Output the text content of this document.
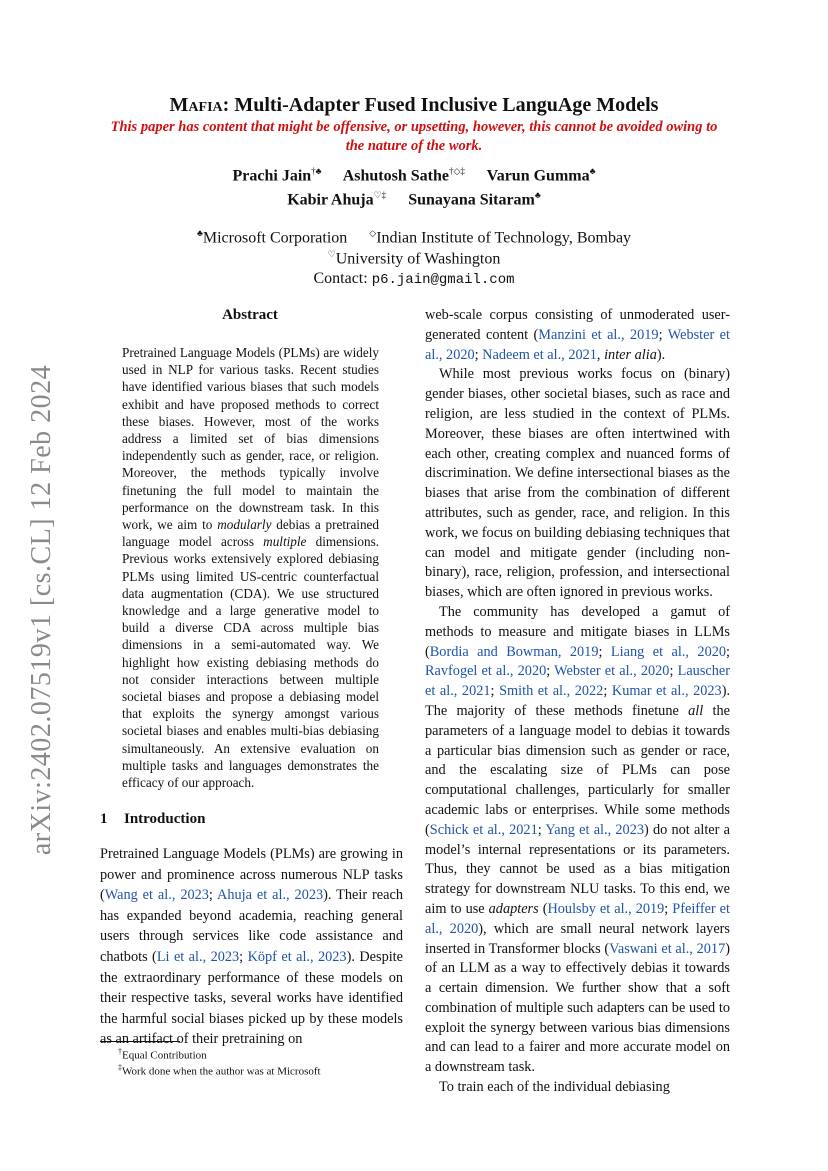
arXiv:2402.07519v1 [cs.CL] 12 Feb 2024
Mafia: Multi-Adapter Fused Inclusive LanguAge Models
This paper has content that might be offensive, or upsetting, however, this cannot be avoided owing to
the nature of the work.
Prachi Jain†♣ Ashutosh Sathe†◇‡ Varun Gumma♣
Kabir Ahuja♡‡ Sunayana Sitaram♣
♣Microsoft Corporation ◇Indian Institute of Technology, Bombay
♡University of Washington
Contact: p6.jain@gmail.com
Abstract
Pretrained Language Models (PLMs) are widely used in NLP for various tasks. Recent studies have identified various biases that such models exhibit and have proposed methods to correct these biases. However, most of the works address a limited set of bias dimensions independently such as gender, race, or religion. Moreover, the methods typically involve finetuning the full model to maintain the performance on the downstream task. In this work, we aim to modularly debias a pretrained language model across multiple dimensions. Previous works extensively explored debiasing PLMs using limited US-centric counterfactual data augmentation (CDA). We use structured knowledge and a large generative model to build a diverse CDA across multiple bias dimensions in a semi-automated way. We highlight how existing debiasing methods do not consider interactions between multiple societal biases and propose a debiasing model that exploits the synergy amongst various societal biases and enables multi-bias debiasing simultaneously. An extensive evaluation on multiple tasks and languages demonstrates the efficacy of our approach.
1 Introduction
Pretrained Language Models (PLMs) are growing in power and prominence across numerous NLP tasks (Wang et al., 2023; Ahuja et al., 2023). Their reach has expanded beyond academia, reaching general users through services like code assistance and chatbots (Li et al., 2023; Köpf et al., 2023). Despite the extraordinary performance of these models on their respective tasks, several works have identified the harmful social biases picked up by these models as an artifact of their pretraining on
†Equal Contribution
‡Work done when the author was at Microsoft

web-scale corpus consisting of unmoderated user-generated content (Manzini et al., 2019; Webster et al., 2020; Nadeem et al., 2021, inter alia).

While most previous works focus on (binary) gender biases, other societal biases, such as race and religion, are less studied in the context of PLMs. Moreover, these biases are often intertwined with each other, creating complex and nuanced forms of discrimination. We define intersectional biases as the biases that arise from the combination of different attributes, such as gender, race, and religion. In this work, we focus on building debiasing techniques that can model and mitigate gender (including non-binary), race, religion, profession, and intersectional biases, which are often ignored in previous works.

The community has developed a gamut of methods to measure and mitigate biases in LLMs (Bordia and Bowman, 2019; Liang et al., 2020; Ravfogel et al., 2020; Webster et al., 2020; Lauscher et al., 2021; Smith et al., 2022; Kumar et al., 2023). The majority of these methods finetune all the parameters of a language model to debias it towards a particular bias dimension such as gender or race, and the escalating size of PLMs can pose computational challenges, particularly for smaller academic labs or enterprises. While some methods (Schick et al., 2021; Yang et al., 2023) do not alter a model’s internal representations or its parameters. Thus, they cannot be used as a bias mitigation strategy for downstream NLU tasks. To this end, we aim to use adapters (Houlsby et al., 2019; Pfeiffer et al., 2020), which are small neural network layers inserted in Transformer blocks (Vaswani et al., 2017) of an LLM as a way to effectively debias it towards a certain dimension. We further show that a soft combination of multiple such adapters can be used to exploit the synergy between various bias dimensions and can lead to a fairer and more accurate model on a downstream task.

To train each of the individual debiasing
